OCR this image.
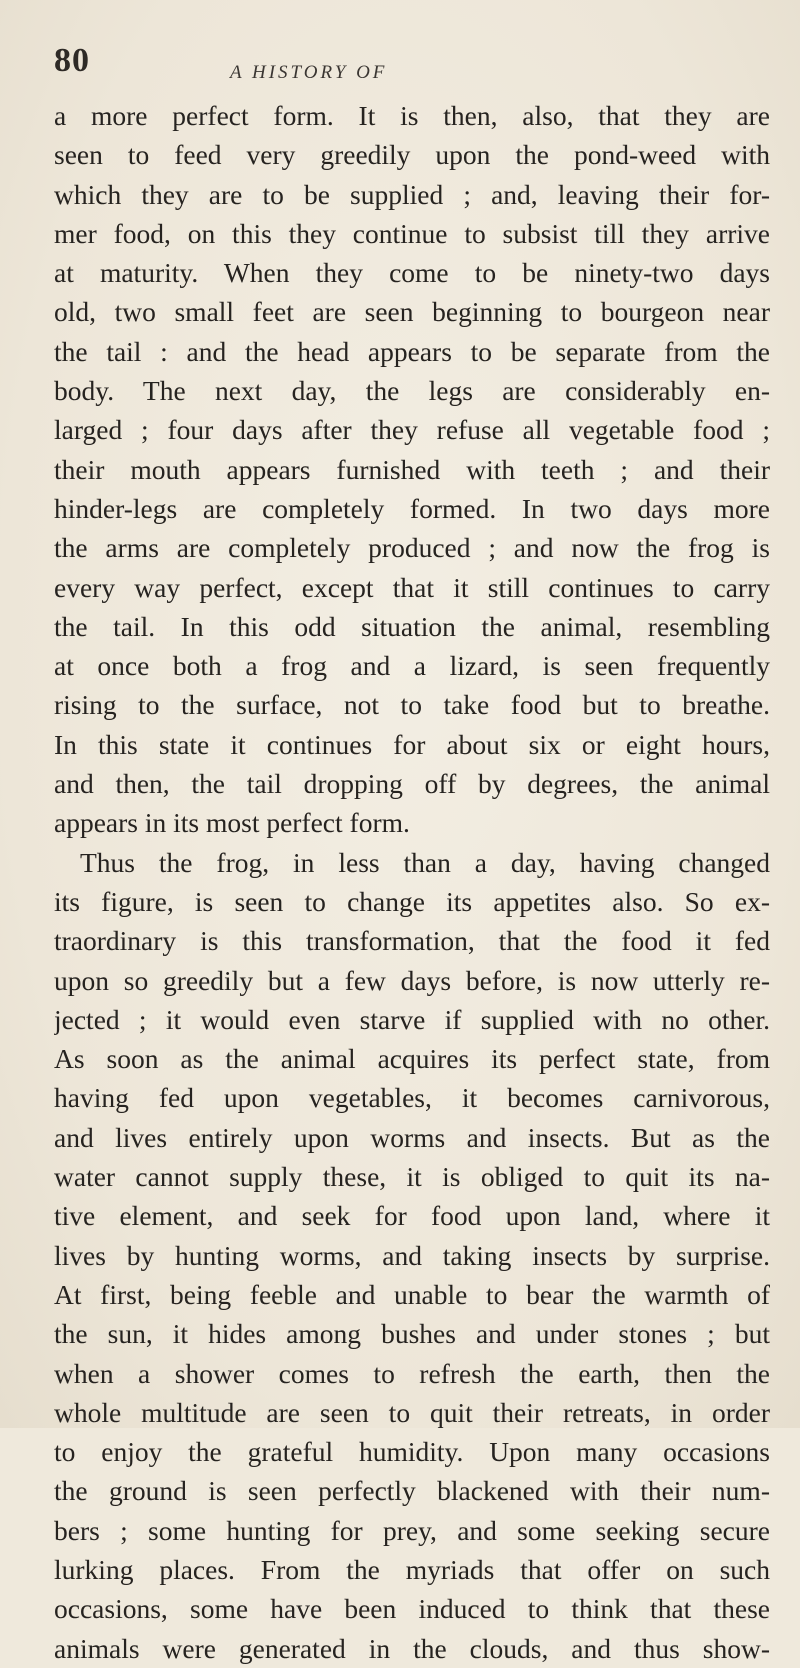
80	A HISTORY OF
a more perfect form. It is then, also, that they are
seen to feed very greedily upon the pond-weed with
which they are to be supplied ; and, leaving their for-
mer food, on this they continue to subsist till they arrive
at maturity. When they come to be ninety-two days
old, two small feet are seen beginning to bourgeon near
the tail : and the head appears to be separate from the
body. The next day, the legs are considerably en-
larged ; four days after they refuse all vegetable food ;
their mouth appears furnished with teeth ; and their
hinder-legs are completely formed. In two days more
the arms are completely produced ; and now the frog is
every way perfect, except that it still continues to carry
the tail. In this odd situation the animal, resembling
at once both a frog and a lizard, is seen frequently
rising to the surface, not to take food but to breathe.
In this state it continues for about six or eight hours,
and then, the tail dropping off by degrees, the animal
appears in its most perfect form.
Thus the frog, in less than a day, having changed
its figure, is seen to change its appetites also. So ex-
traordinary is this transformation, that the food it fed
upon so greedily but a few days before, is now utterly re-
jected ; it would even starve if supplied with no other.
As soon as the animal acquires its perfect state, from
having fed upon vegetables, it becomes carnivorous,
and lives entirely upon worms and insects. But as the
water cannot supply these, it is obliged to quit its na-
tive element, and seek for food upon land, where it
lives by hunting worms, and taking insects by surprise.
At first, being feeble and unable to bear the warmth of
the sun, it hides among bushes and under stones ; but
when a shower comes to refresh the earth, then the
whole multitude are seen to quit their retreats, in order
to enjoy the grateful humidity. Upon many occasions
the ground is seen perfectly blackened with their num-
bers ; some hunting for prey, and some seeking secure
lurking places. From the myriads that offer on such
occasions, some have been induced to think that these
animals were generated in the clouds, and thus show-
